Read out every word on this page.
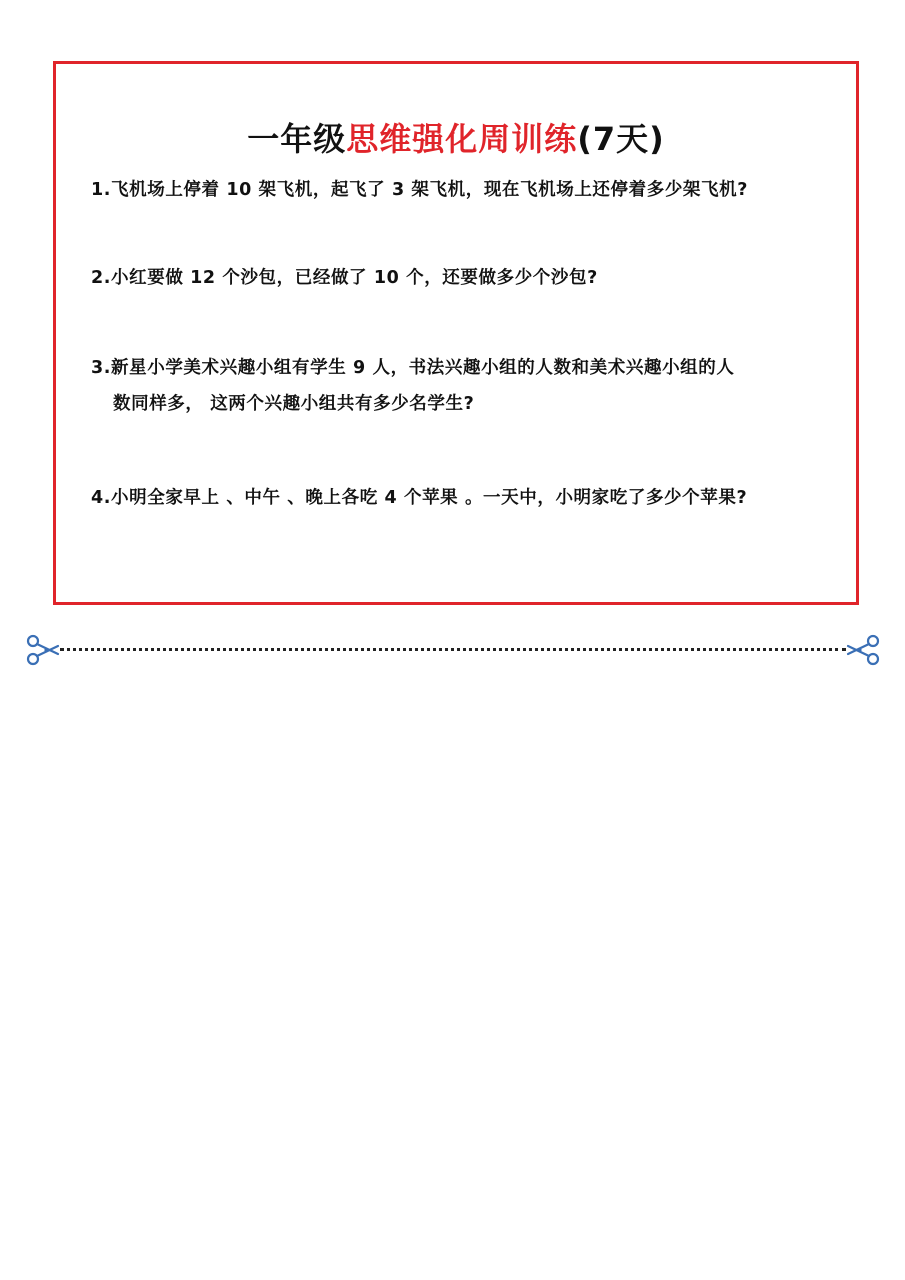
一年级思维强化周训练(7天)
1.飞机场上停着 10 架飞机，起飞了 3 架飞机，现在飞机场上还停着多少架飞机?
2.小红要做 12 个沙包，已经做了 10 个，还要做多少个沙包?
3.新星小学美术兴趣小组有学生 9 人，书法兴趣小组的人数和美术兴趣小组的人
数同样多， 这两个兴趣小组共有多少名学生?
4.小明全家早上 、中午 、晚上各吃 4 个苹果 。一天中，小明家吃了多少个苹果?
